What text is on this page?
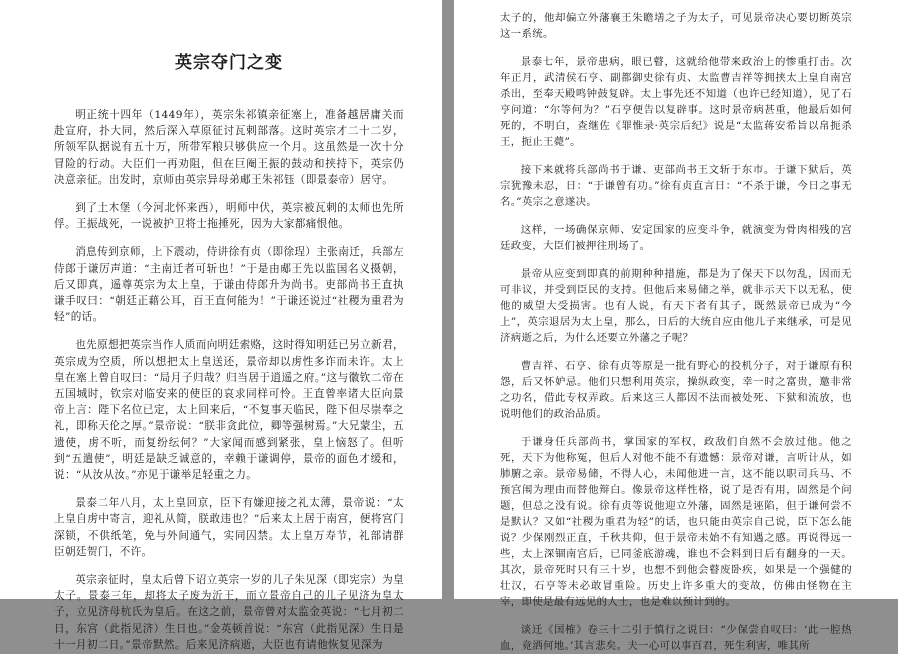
英宗夺门之变

明正统十四年（1449年），英宗朱祁镇亲征塞上，准备越居庸关而赴宣府，扑大同，然后深入草原征讨瓦剌部落。这时英宗才二十二岁，所领军队据说有五十万，所带军粮只够供应一个月。这虽然是一次十分冒险的行动。大臣们一再劝阻，但在巨阉王振的鼓动和挟持下，英宗仍决意亲征。出发时，京师由英宗异母弟郕王朱祁钰（即景泰帝）居守。

到了土木堡（今河北怀来西），明师中伏，英宗被瓦剌的太师也先所俘。王振战死，一说被护卫将士拖捶死，因为大家都痛恨他。

消息传到京师，上下震动，侍讲徐有贞（即徐珵）主张南迁，兵部左侍郎于谦厉声道：“主南迁者可斩也！”于是由郕王先以监国名义摄朝，后又即真，遥尊英宗为太上皇，于谦由侍郎升为尚书。吏部尚书王直执谦手叹曰：“朝廷正藉公耳，百王直何能为！”于谦还说过“社稷为重君为轻”的话。

也先原想把英宗当作人质而向明廷索赂，这时得知明廷已另立新君，英宗成为空质，所以想把太上皇送还，景帝却以虏性多诈而未许。太上皇在塞上曾自叹曰：“局月子归哉？归当居于逍遥之府。”这与徽钦二帝在五国城时，钦宗对临安来的使臣的哀求同样可怜。王直曾率诸大臣向景帝上言：陛下名位已定，太上回来后，“不复事天临民，陛下但尽崇奉之礼，即称天伦之厚。”景帝说：“朕非贪此位，卿等强树焉。”大兄蒙尘，五遗使，虏不听，而复纷纭何？”大家闻而感到紧张，皇上恼怒了。但听到“五遣使”，明廷是缺乏诚意的，幸赖于谦调停，景帝的面色才缓和，说：“从汝从汝。”亦见于谦举足轻重之力。

景泰二年八月，太上皇回京，臣下有嫌迎接之礼太薄，景帝说：“太上皇自虏中寄言，迎礼从简，朕敢违也？”后来太上居于南宫，便将宫门深锁，不供纸笔，免与外间通气，实同囚禁。太上皇万寿节，礼部请群臣朝廷贺门，不许。

英宗亲征时，皇太后曾下诏立英宗一岁的儿子朱见深（即宪宗）为皇太子。景泰三年，却将太子废为沂王，而立景帝自己的儿子见济为皇太子，立见济母杭氏为皇后。在这之前，景帝曾对太监金英说：“七月初二日，东宫（此指见济）生日也。”金英顿首说：“东宫（此指见深）生日是十一月初二日。”景帝默然。后来见济病逝，大臣也有请他恢复见深为

太子的，他却偏立外藩襄王朱瞻墡之子为太子，可见景帝决心要切断英宗这一系统。

景泰七年，景帝患病，眼已瞽，这就给他带来政治上的惨重打击。次年正月，武清侯石亨、副都御史徐有贞、太监曹吉祥等拥挟太上皇自南宫杀出，至奉天殿鸣钟鼓复辟。太上事先还不知道（也许已经知道），见了石亨问道：“尔等何为？”石亨便告以复辟事。这时景帝病甚重，他最后如何死的，不明白，查继佐《罪惟录·英宗后纪》说是“太监蒋安希旨以帛扼杀王，扼止王薨”。

接下来就将兵部尚书于谦、吏部尚书王文斩于东市。于谦下狱后，英宗犹豫未忍，日：“于谦曾有功。”徐有贞直言日：“不杀于谦，今日之事无名。”英宗之意遂决。

这样，一场确保京师、安定国家的应变斗争，就演变为骨肉相残的宫廷政变，大臣们被押往刑场了。

景帝从应变到即真的前期种种措施，都是为了保天下以勿乱，因而无可非议，并受到臣民的支持。但他后来易储之举，就非示天下以无私，使他的威望大受损害。也有人说，有天下者有其子，既然景帝已成为“今上”，英宗退居为太上皇，那么，日后的大统自应由他儿子来继承，可是见济病逝之后，为什么还要立外藩之子呢？

曹吉祥、石亨、徐有贞等原是一批有野心的投机分子，对于谦原有积怨，后又怀妒忌。他们只想利用英宗，操纵政变，幸一时之富贵，邀非常之功名，借此专权弄政。后来这三人都因不法而被处死、下狱和流放，也说明他们的政治品质。

于谦身任兵部尚书，掌国家的军权，政敌们自然不会放过他。他之死，天下为他称冤，但后人对他不能不有遗憾：景帝对谦，言听计从，如肺腑之亲。景帝易储，不得人心，未闻他进一言，这不能以职司兵马、不预宫闱为理由而替他辩白。像景帝这样性格，说了是否有用，固然是个问题，但总之没有说。徐有贞等说他迎立外藩，固然是诬陷，但于谦何尝不是默认？又如“社稷为重君为轻”的话，也只能由英宗自己说，臣下怎么能说？少保刚烈正直，千秋共仰，但于景帝未始不有知遇之感。再说得远一些，太上深锢南宫后，已同釜底游魂，谁也不会料到日后有翻身的一天。其次，景帝死时只有三十岁，也想不到他会瞽废卧疾，如果是一个强健的壮汉，石亨等未必敢冒重险。历史上许多重大的变故，仿佛由怪物在主宰，即使是最有远见的人士，也是难以预计到的。

谈迁《国榷》卷三十二引于慎行之说曰：“少保尝自叹曰：‘此一腔热血，竟洒何地。’其言悲矣。夫一心可以事百君，死生利害，唯其所
